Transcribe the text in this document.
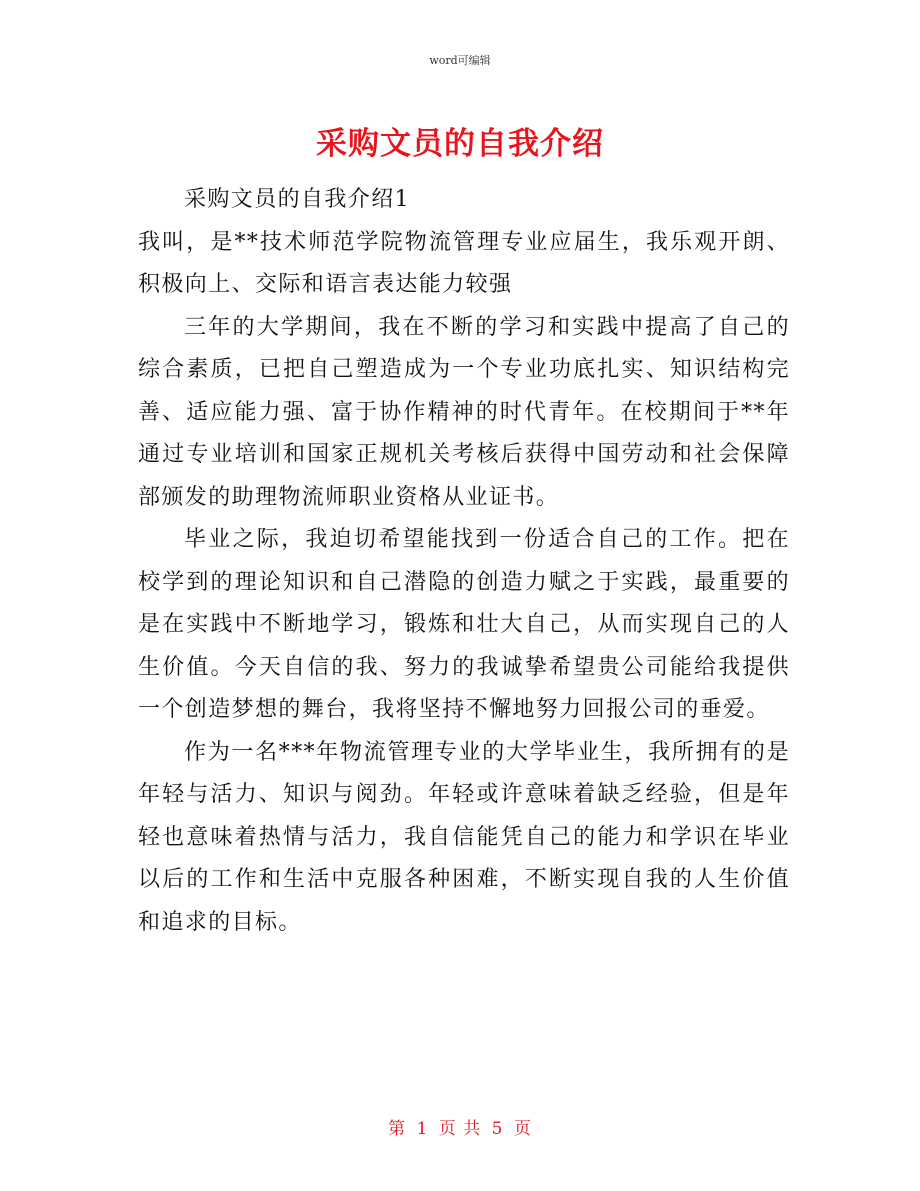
word可编辑
采购文员的自我介绍

采购文员的自我介绍1

我叫，是**技术师范学院物流管理专业应届生，我乐观开朗、积极向上、交际和语言表达能力较强

三年的大学期间，我在不断的学习和实践中提高了自己的综合素质，已把自己塑造成为一个专业功底扎实、知识结构完善、适应能力强、富于协作精神的时代青年。在校期间于**年通过专业培训和国家正规机关考核后获得中国劳动和社会保障部颁发的助理物流师职业资格从业证书。

毕业之际，我迫切希望能找到一份适合自己的工作。把在校学到的理论知识和自己潜隐的创造力赋之于实践，最重要的是在实践中不断地学习，锻炼和壮大自己，从而实现自己的人生价值。今天自信的我、努力的我诚挚希望贵公司能给我提供一个创造梦想的舞台，我将坚持不懈地努力回报公司的垂爱。

作为一名***年物流管理专业的大学毕业生，我所拥有的是年轻与活力、知识与阅劲。年轻或许意味着缺乏经验，但是年轻也意味着热情与活力，我自信能凭自己的能力和学识在毕业以后的工作和生活中克服各种困难，不断实现自我的人生价值和追求的目标。

第 1 页 共 5 页
